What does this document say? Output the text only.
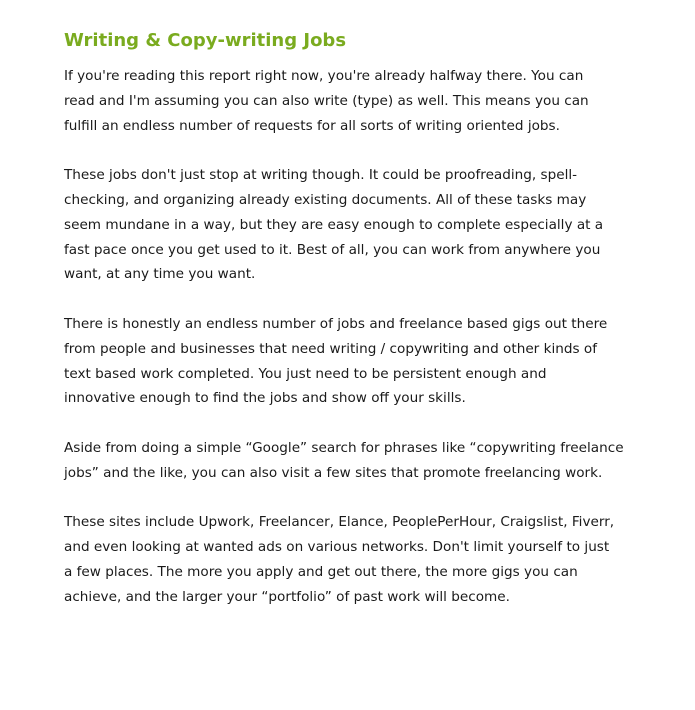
Writing & Copy-writing Jobs

If you're reading this report right now, you're already halfway there. You can
read and I'm assuming you can also write (type) as well. This means you can
fulfill an endless number of requests for all sorts of writing oriented jobs.

These jobs don't just stop at writing though. It could be proofreading, spell-
checking, and organizing already existing documents. All of these tasks may
seem mundane in a way, but they are easy enough to complete especially at a
fast pace once you get used to it. Best of all, you can work from anywhere you
want, at any time you want.

There is honestly an endless number of jobs and freelance based gigs out there
from people and businesses that need writing / copywriting and other kinds of
text based work completed. You just need to be persistent enough and
innovative enough to find the jobs and show off your skills.

Aside from doing a simple “Google” search for phrases like “copywriting freelance
jobs” and the like, you can also visit a few sites that promote freelancing work.

These sites include Upwork, Freelancer, Elance, PeoplePerHour, Craigslist, Fiverr,
and even looking at wanted ads on various networks. Don't limit yourself to just
a few places. The more you apply and get out there, the more gigs you can
achieve, and the larger your “portfolio” of past work will become.
